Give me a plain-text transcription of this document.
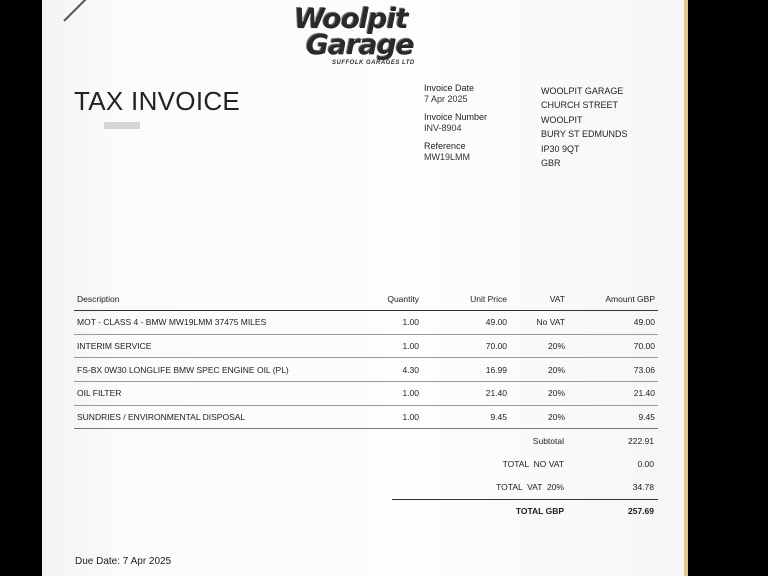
Woolpit
Garage
SUFFOLK GARAGES LTD
TAX INVOICE	Invoice Date
7 Apr 2025
Invoice Number
INV-8904
Reference
MW19LMM
WOOLPIT GARAGE
CHURCH STREET
WOOLPIT
BURY ST EDMUNDS
IP30 9QT
GBR
Description	Quantity	Unit Price	VAT	Amount GBP
MOT - CLASS 4 - BMW MW19LMM 37475 MILES	1.00	49.00	No VAT	49.00
INTERIM SERVICE	1.00	70.00	20%	70.00
FS-BX 0W30 LONGLIFE BMW SPEC ENGINE OIL (PL)	4.30	16.99	20%	73.06
OIL FILTER	1.00	21.40	20%	21.40
SUNDRIES / ENVIRONMENTAL DISPOSAL	1.00	9.45	20%	9.45
Subtotal	222.91
TOTAL  NO VAT	0.00
TOTAL  VAT  20%	34.78
TOTAL GBP	257.69
Due Date: 7 Apr 2025
